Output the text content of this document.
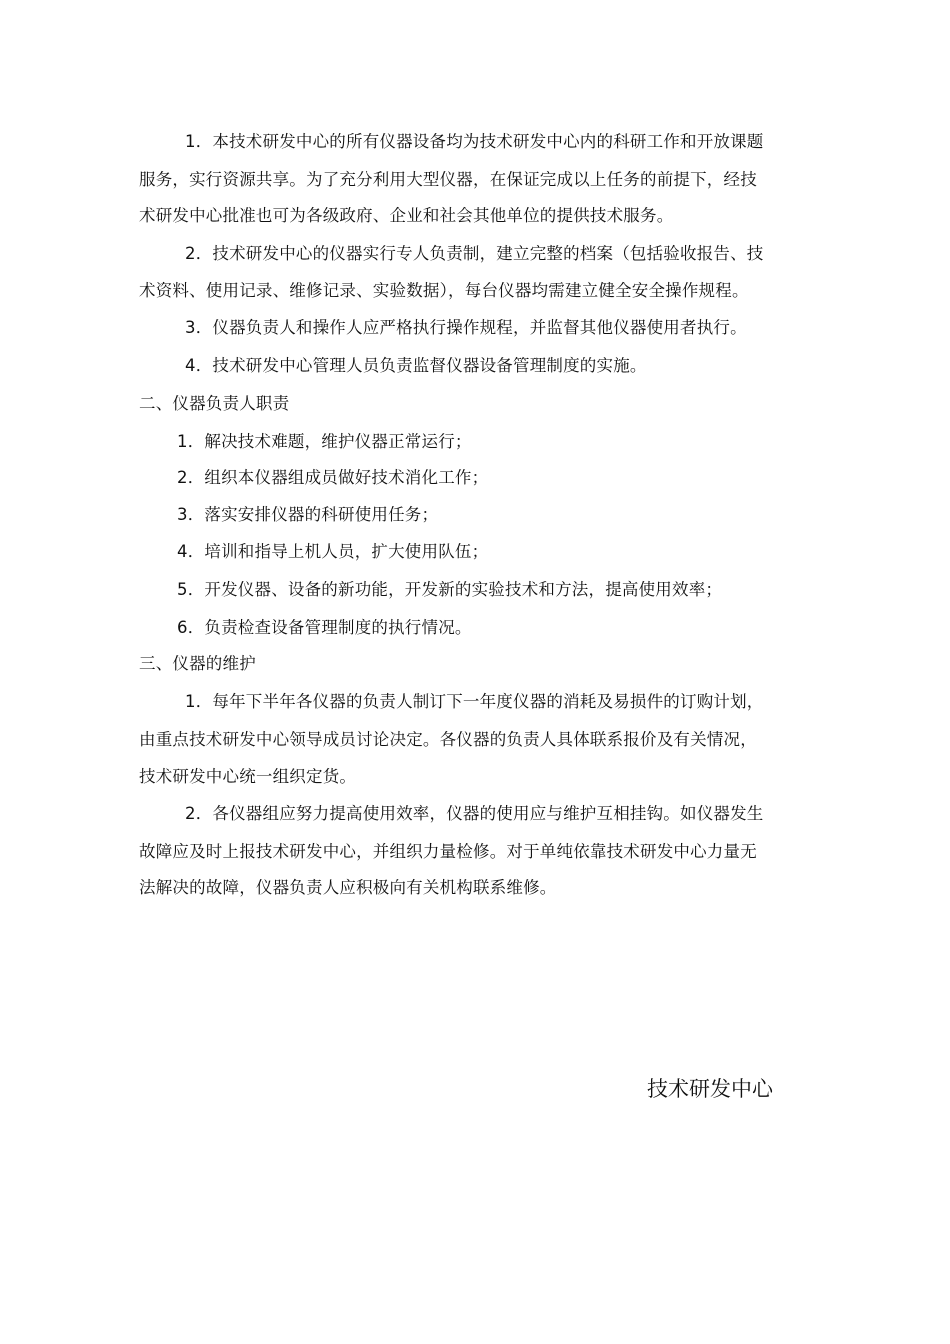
1．本技术研发中心的所有仪器设备均为技术研发中心内的科研工作和开放课题
服务，实行资源共享。为了充分利用大型仪器，在保证完成以上任务的前提下，经技
术研发中心批准也可为各级政府、企业和社会其他单位的提供技术服务。
2．技术研发中心的仪器实行专人负责制，建立完整的档案（包括验收报告、技
术资料、使用记录、维修记录、实验数据），每台仪器均需建立健全安全操作规程。
3．仪器负责人和操作人应严格执行操作规程，并监督其他仪器使用者执行。
4．技术研发中心管理人员负责监督仪器设备管理制度的实施。
二、仪器负责人职责
1．解决技术难题，维护仪器正常运行；
2．组织本仪器组成员做好技术消化工作；
3．落实安排仪器的科研使用任务；
4．培训和指导上机人员，扩大使用队伍；
5．开发仪器、设备的新功能，开发新的实验技术和方法，提高使用效率；
6．负责检查设备管理制度的执行情况。
三、仪器的维护
1．每年下半年各仪器的负责人制订下一年度仪器的消耗及易损件的订购计划，
由重点技术研发中心领导成员讨论决定。各仪器的负责人具体联系报价及有关情况，
技术研发中心统一组织定货。
2．各仪器组应努力提高使用效率，仪器的使用应与维护互相挂钩。如仪器发生
故障应及时上报技术研发中心，并组织力量检修。对于单纯依靠技术研发中心力量无
法解决的故障，仪器负责人应积极向有关机构联系维修。
技术研发中心
